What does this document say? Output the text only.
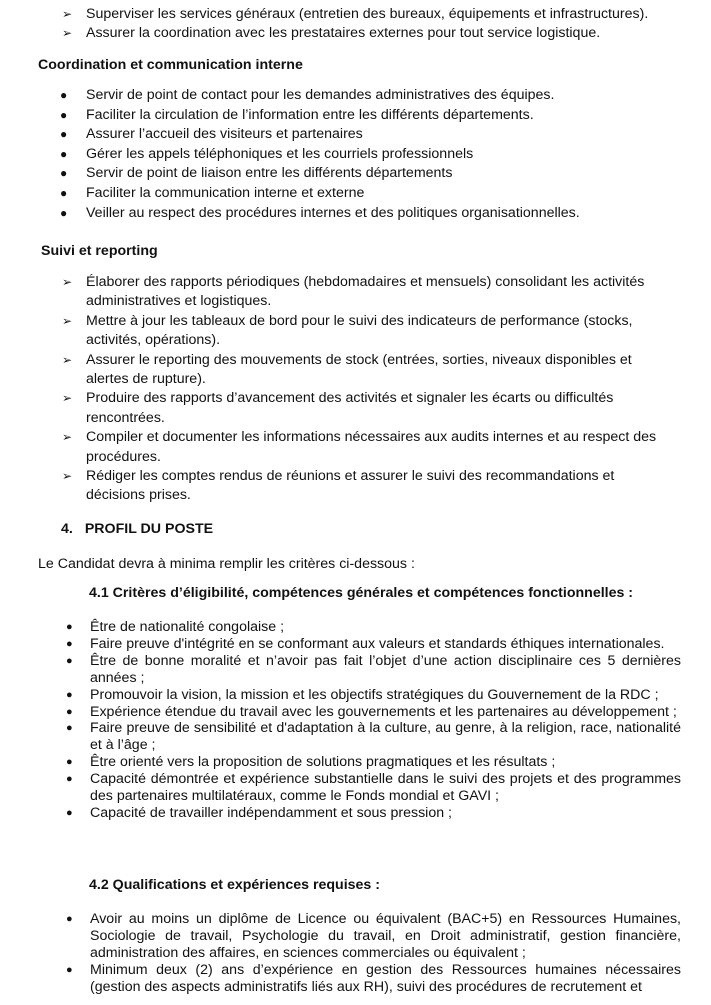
➢ Superviser les services généraux (entretien des bureaux, équipements et infrastructures).
➢ Assurer la coordination avec les prestataires externes pour tout service logistique.
Coordination et communication interne
● Servir de point de contact pour les demandes administratives des équipes.
● Faciliter la circulation de l’information entre les différents départements.
● Assurer l’accueil des visiteurs et partenaires
● Gérer les appels téléphoniques et les courriels professionnels
● Servir de point de liaison entre les différents départements
● Faciliter la communication interne et externe
● Veiller au respect des procédures internes et des politiques organisationnelles.
Suivi et reporting
➢ Élaborer des rapports périodiques (hebdomadaires et mensuels) consolidant les activités administratives et logistiques.
➢ Mettre à jour les tableaux de bord pour le suivi des indicateurs de performance (stocks, activités, opérations).
➢ Assurer le reporting des mouvements de stock (entrées, sorties, niveaux disponibles et alertes de rupture).
➢ Produire des rapports d’avancement des activités et signaler les écarts ou difficultés rencontrées.
➢ Compiler et documenter les informations nécessaires aux audits internes et au respect des procédures.
➢ Rédiger les comptes rendus de réunions et assurer le suivi des recommandations et décisions prises.
4. PROFIL DU POSTE

Le Candidat devra à minima remplir les critères ci-dessous :

4.1 Critères d’éligibilité, compétences générales et compétences fonctionnelles :
● Être de nationalité congolaise ;
● Faire preuve d'intégrité en se conformant aux valeurs et standards éthiques internationales.
● Être de bonne moralité et n’avoir pas fait l’objet d’une action disciplinaire ces 5 dernières années ;
● Promouvoir la vision, la mission et les objectifs stratégiques du Gouvernement de la RDC ;
● Expérience étendue du travail avec les gouvernements et les partenaires au développement ;
● Faire preuve de sensibilité et d'adaptation à la culture, au genre, à la religion, race, nationalité et à l’âge ;
● Être orienté vers la proposition de solutions pragmatiques et les résultats ;
● Capacité démontrée et expérience substantielle dans le suivi des projets et des programmes des partenaires multilatéraux, comme le Fonds mondial et GAVI ;
● Capacité de travailler indépendamment et sous pression ;
4.2 Qualifications et expériences requises :
● Avoir au moins un diplôme de Licence ou équivalent (BAC+5) en Ressources Humaines, Sociologie de travail, Psychologie du travail, en Droit administratif, gestion financière, administration des affaires, en sciences commerciales ou équivalent ;
● Minimum deux (2) ans d’expérience en gestion des Ressources humaines nécessaires (gestion des aspects administratifs liés aux RH), suivi des procédures de recrutement et
